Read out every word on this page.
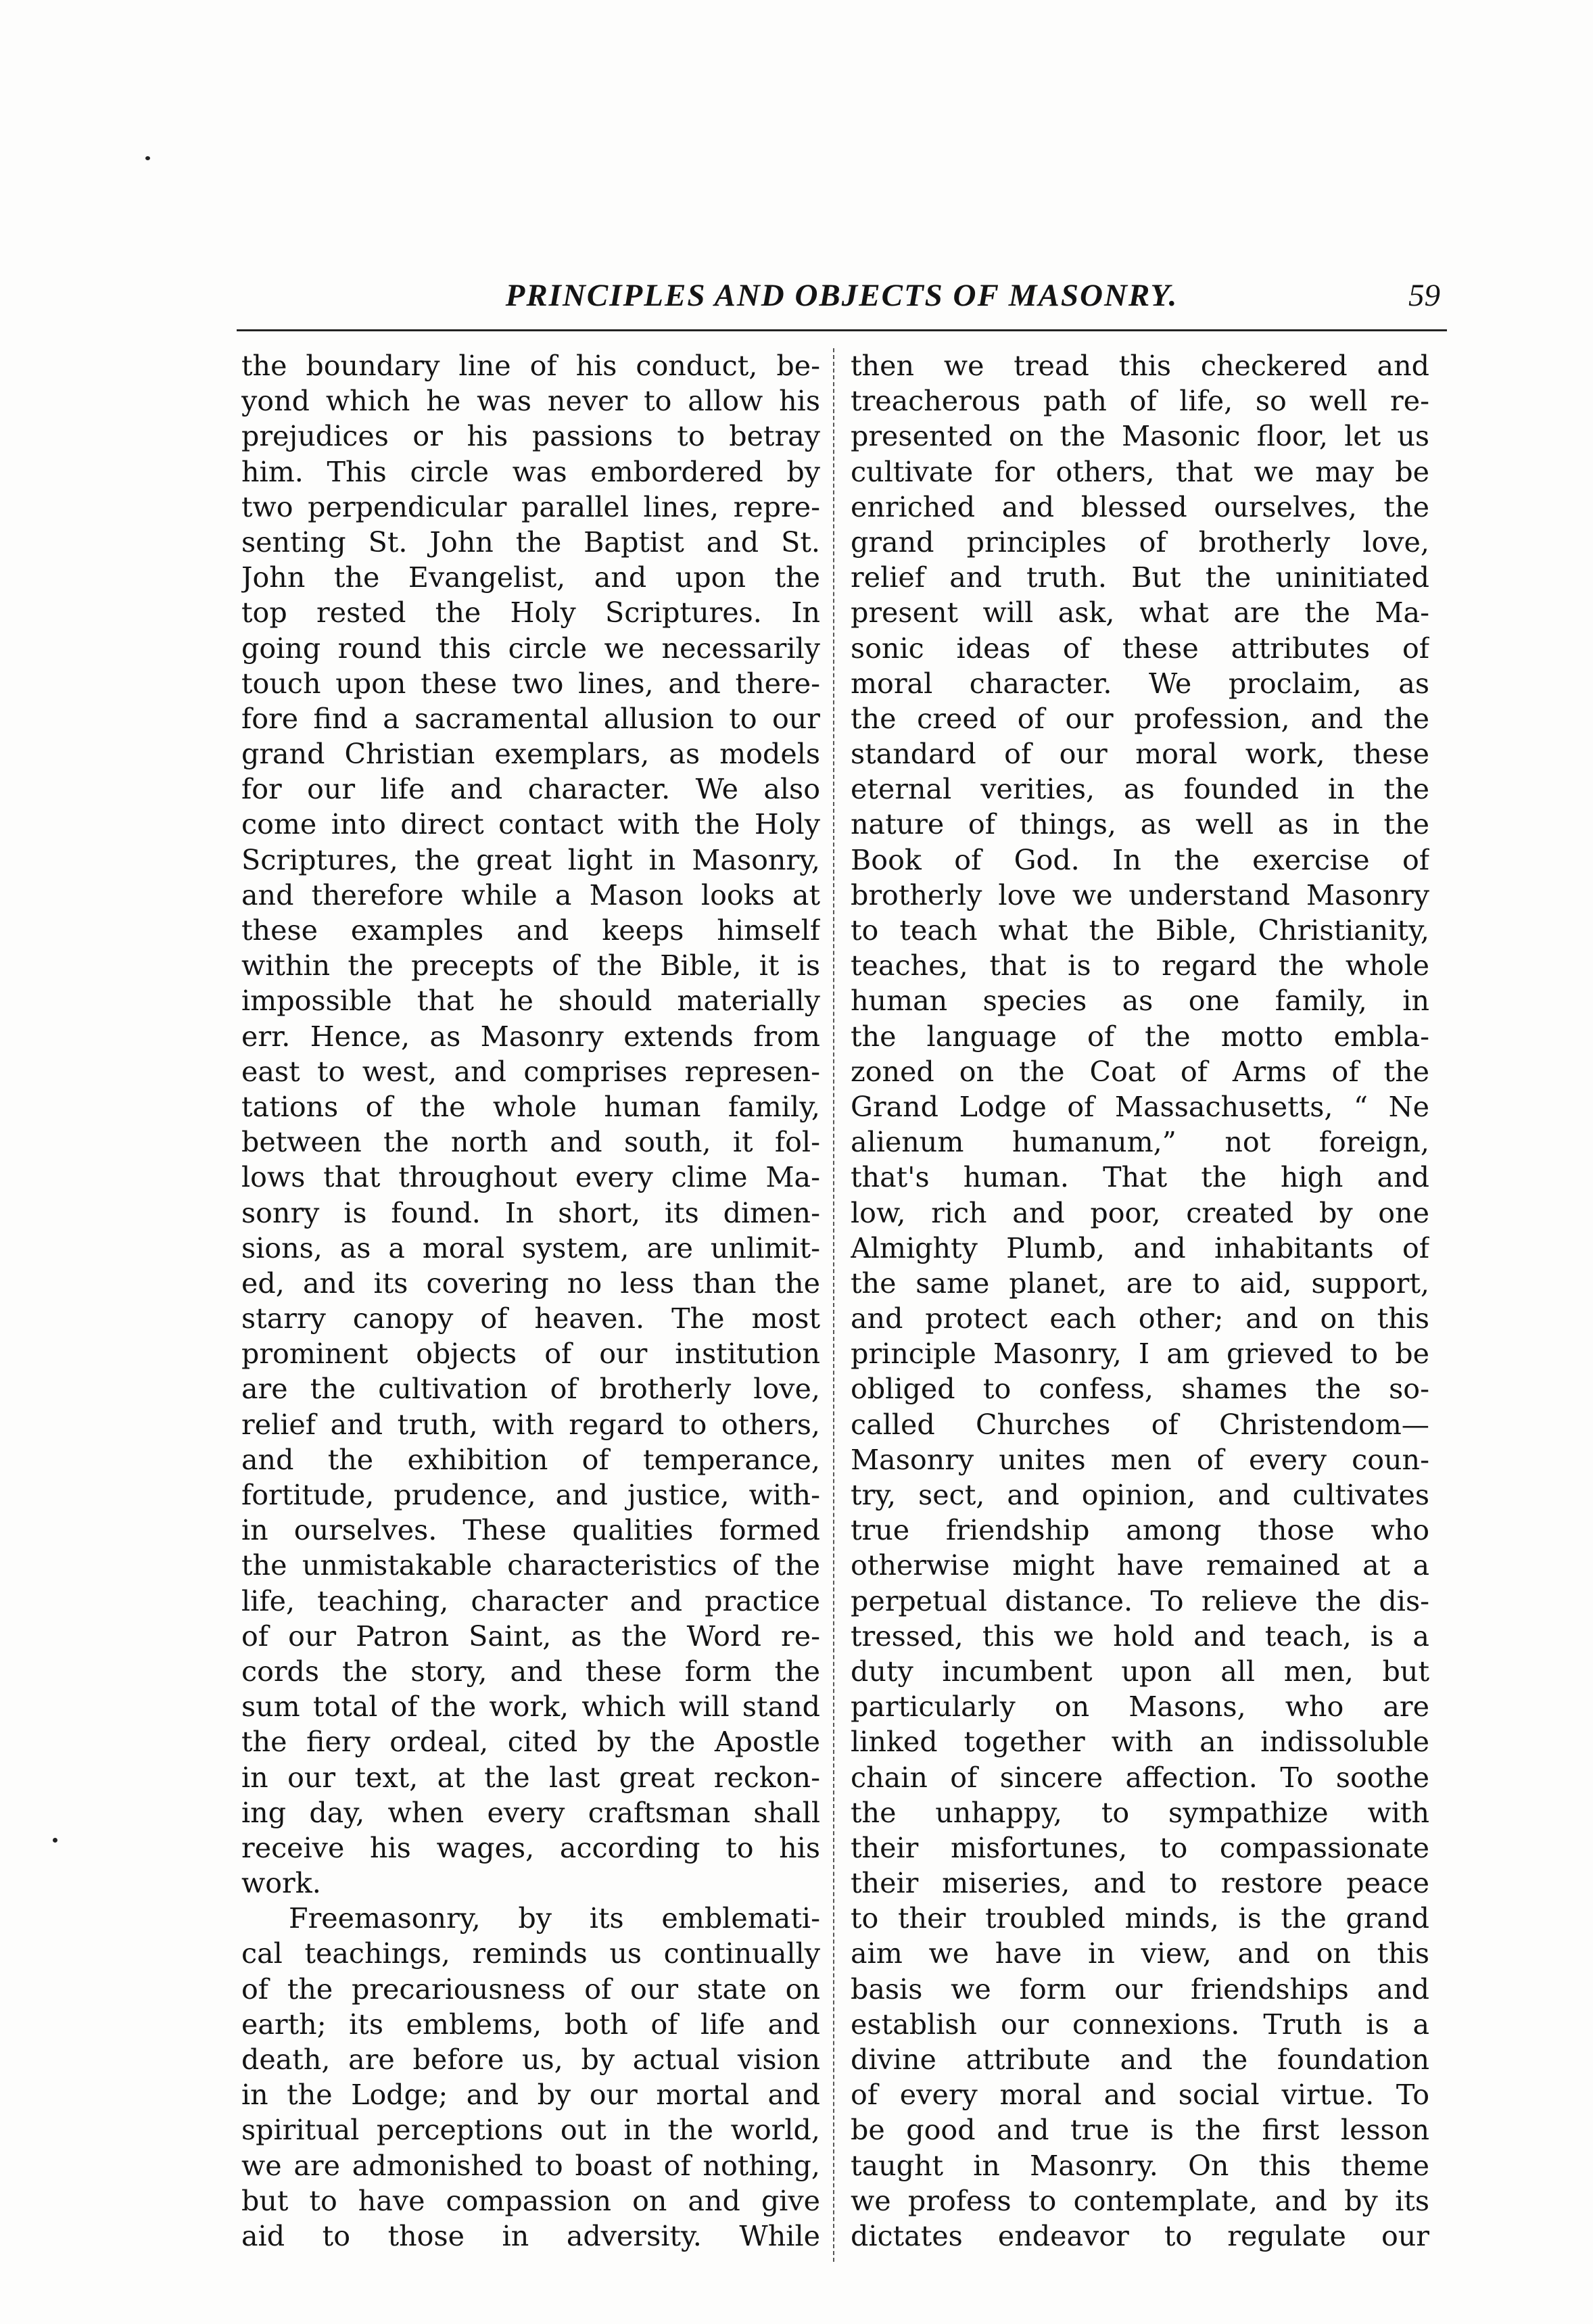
PRINCIPLES AND OBJECTS OF MASONRY.	59
the boundary line of his conduct, be-
yond which he was never to allow his
prejudices or his passions to betray
him. This circle was embordered by
two perpendicular parallel lines, repre-
senting St. John the Baptist and St.
John the Evangelist, and upon the
top rested the Holy Scriptures. In
going round this circle we necessarily
touch upon these two lines, and there-
fore find a sacramental allusion to our
grand Christian exemplars, as models
for our life and character. We also
come into direct contact with the Holy
Scriptures, the great light in Masonry,
and therefore while a Mason looks at
these examples and keeps himself
within the precepts of the Bible, it is
impossible that he should materially
err. Hence, as Masonry extends from
east to west, and comprises represen-
tations of the whole human family,
between the north and south, it fol-
lows that throughout every clime Ma-
sonry is found. In short, its dimen-
sions, as a moral system, are unlimit-
ed, and its covering no less than the
starry canopy of heaven. The most
prominent objects of our institution
are the cultivation of brotherly love,
relief and truth, with regard to others,
and the exhibition of temperance,
fortitude, prudence, and justice, with-
in ourselves. These qualities formed
the unmistakable characteristics of the
life, teaching, character and practice
of our Patron Saint, as the Word re-
cords the story, and these form the
sum total of the work, which will stand
the fiery ordeal, cited by the Apostle
in our text, at the last great reckon-
ing day, when every craftsman shall
receive his wages, according to his
work.
Freemasonry, by its emblemati-
cal teachings, reminds us continually
of the precariousness of our state on
earth; its emblems, both of life and
death, are before us, by actual vision
in the Lodge; and by our mortal and
spiritual perceptions out in the world,
we are admonished to boast of nothing,
but to have compassion on and give
aid to those in adversity. While
then we tread this checkered and
treacherous path of life, so well re-
presented on the Masonic floor, let us
cultivate for others, that we may be
enriched and blessed ourselves, the
grand principles of brotherly love,
relief and truth. But the uninitiated
present will ask, what are the Ma-
sonic ideas of these attributes of
moral character. We proclaim, as
the creed of our profession, and the
standard of our moral work, these
eternal verities, as founded in the
nature of things, as well as in the
Book of God. In the exercise of
brotherly love we understand Masonry
to teach what the Bible, Christianity,
teaches, that is to regard the whole
human species as one family, in
the language of the motto embla-
zoned on the Coat of Arms of the
Grand Lodge of Massachusetts, “ Ne
alienum humanum,” not foreign,
that's human. That the high and
low, rich and poor, created by one
Almighty Plumb, and inhabitants of
the same planet, are to aid, support,
and protect each other; and on this
principle Masonry, I am grieved to be
obliged to confess, shames the so-
called Churches of Christendom—
Masonry unites men of every coun-
try, sect, and opinion, and cultivates
true friendship among those who
otherwise might have remained at a
perpetual distance. To relieve the dis-
tressed, this we hold and teach, is a
duty incumbent upon all men, but
particularly on Masons, who are
linked together with an indissoluble
chain of sincere affection. To soothe
the unhappy, to sympathize with
their misfortunes, to compassionate
their miseries, and to restore peace
to their troubled minds, is the grand
aim we have in view, and on this
basis we form our friendships and
establish our connexions. Truth is a
divine attribute and the foundation
of every moral and social virtue. To
be good and true is the first lesson
taught in Masonry. On this theme
we profess to contemplate, and by its
dictates endeavor to regulate our
